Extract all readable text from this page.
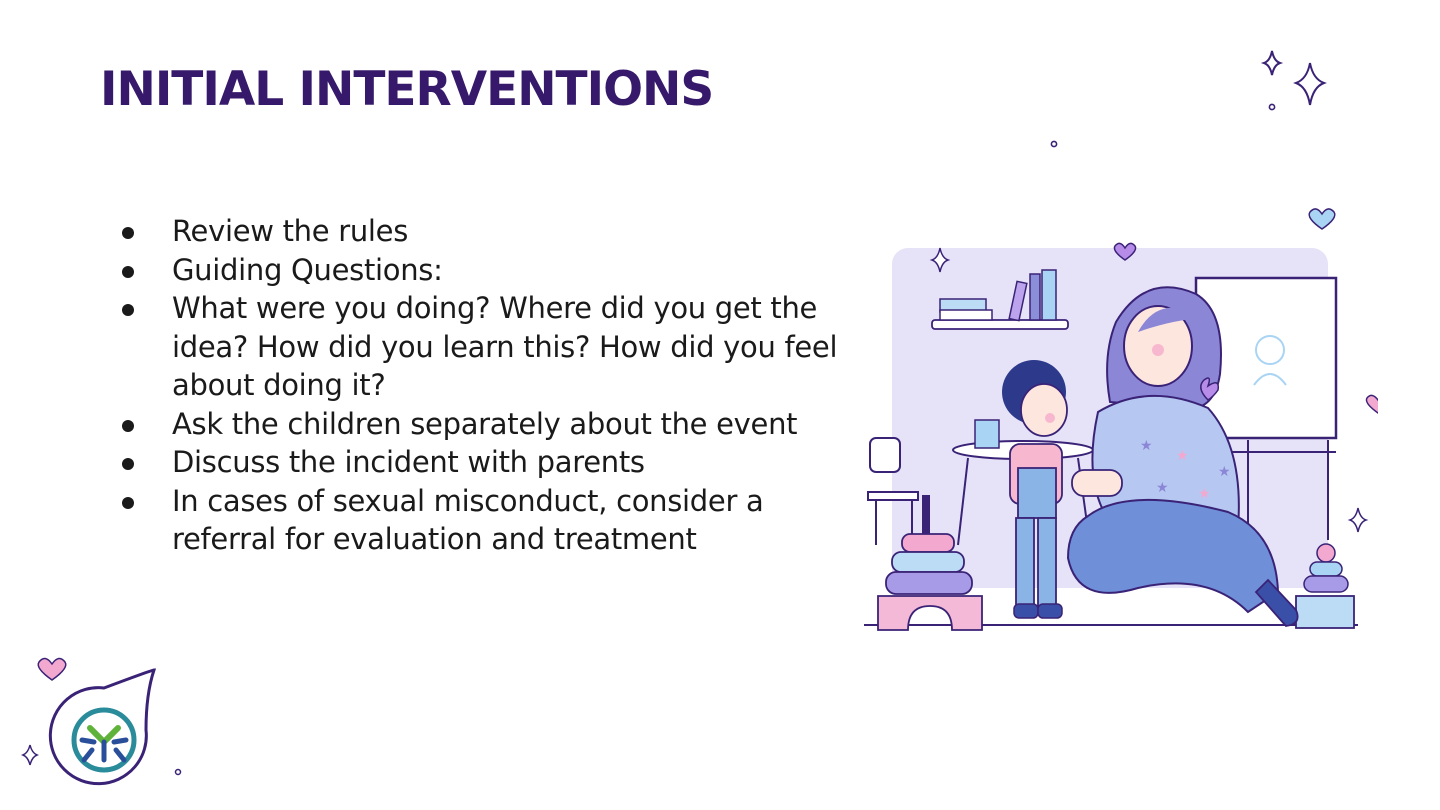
INITIAL INTERVENTIONS
Review the rules
Guiding Questions:
What were you doing? Where did you get the idea? How did you learn this? How did you feel about doing it?
Ask the children separately about the event
Discuss the incident with parents
In cases of sexual misconduct, consider a referral for evaluation and treatment
★
★
★ ★
★
